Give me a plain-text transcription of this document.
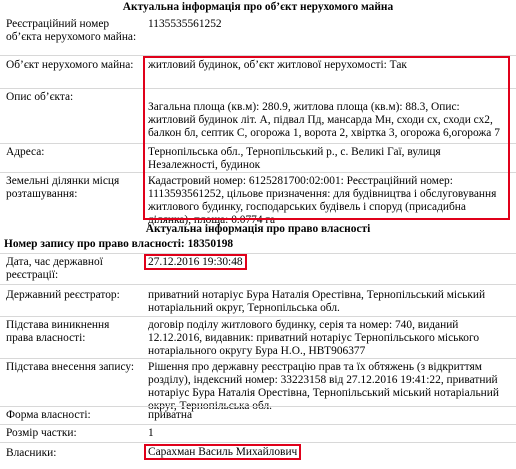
Актуальна інформація про об’єкт нерухомого майна
Реєстраційний номер об’єкта нерухомого майна:
1135535561252
Об’єкт нерухомого майна:	житловий будинок, об’єкт житлової нерухомості: Так
Опис об’єкта:
Загальна площа (кв.м): 280.9, житлова площа (кв.м): 88.3, Опис: житловий будинок літ. А, підвал Пд, мансарда Мн, сходи сх, сходи сх2, балкон бл, септик С, огорожа 1, ворота 2, хвіртка 3, огорожа 6,огорожа 7
Адреса:	Тернопільська обл., Тернопільський р., с. Великі Гаї, вулиця Незалежності, будинок
Земельні ділянки місця розташування:
Кадастровий номер: 6125281700:02:001: Реєстраційний номер: 1113593561252, цільове призначення: для будівництва і обслуговування житлового будинку, господарських будівель і споруд (присадибна ділянка), площа: 0.0774 га
Актуальна інформація про право власності
Номер запису про право власності: 18350198
Дата, час державної реєстрації:
27.12.2016 19:30:48
Державний реєстратор:	приватний нотаріус Бура Наталія Орестівна, Тернопільський міський нотаріальний округ, Тернопільська обл.
Підстава виникнення права власності:
договір поділу житлового будинку, серія та номер: 740, виданий 12.12.2016, видавник: приватний нотаріус Тернопільського міського нотаріального округу Бура Н.О., НВТ906377
Підстава внесення запису:	Рішення про державну реєстрацію прав та їх обтяжень (з відкриттям розділу), індексний номер: 33223158 від 27.12.2016 19:41:22, приватний нотаріус Бура Наталія Орестівна, Тернопільський міський нотаріальний округ, Тернопільська обл.
Форма власності:	приватна
Розмір частки:	1
Власники:	Сарахман Василь Михайлович
